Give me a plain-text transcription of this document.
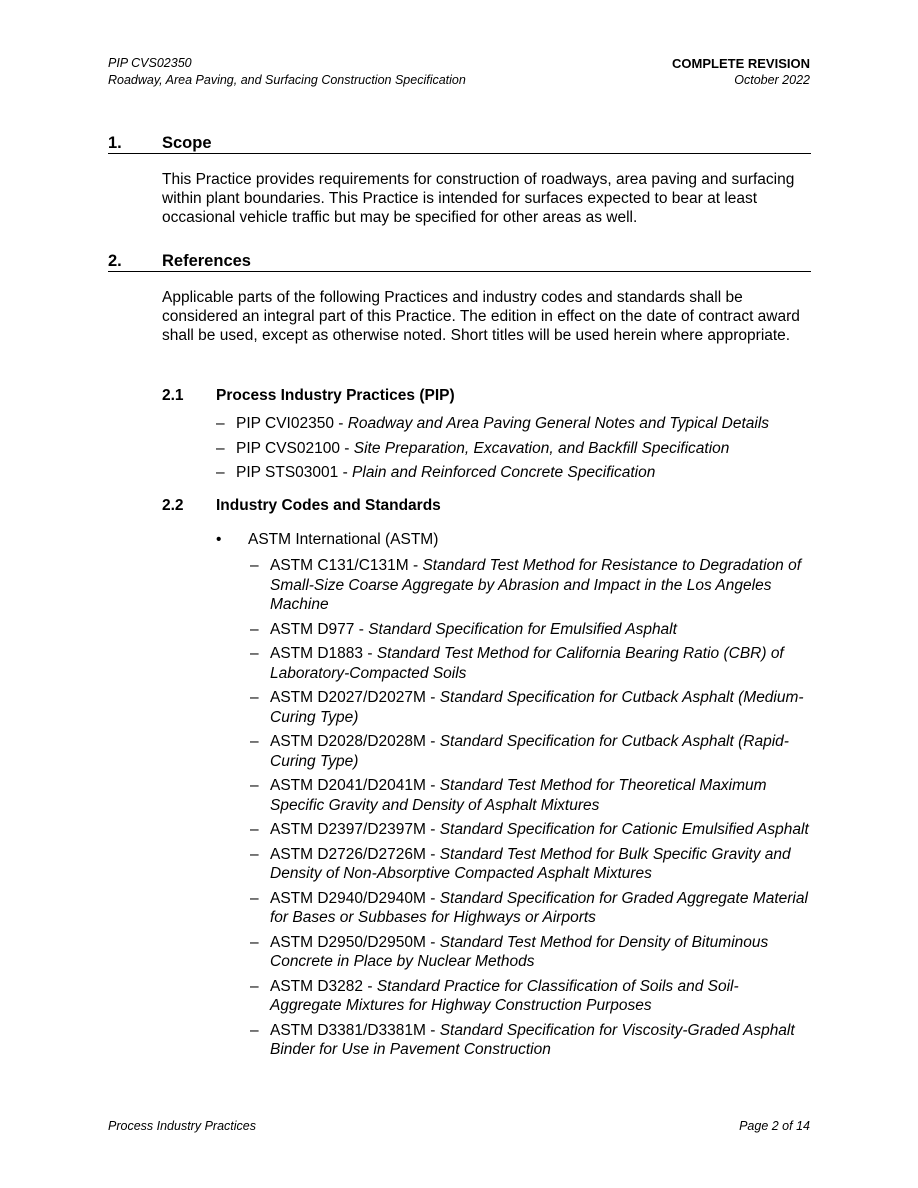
PIP CVS02350
Roadway, Area Paving, and Surfacing Construction Specification
COMPLETE REVISION
October 2022
1. Scope
This Practice provides requirements for construction of roadways, area paving and surfacing within plant boundaries. This Practice is intended for surfaces expected to bear at least occasional vehicle traffic but may be specified for other areas as well.
2. References
Applicable parts of the following Practices and industry codes and standards shall be considered an integral part of this Practice. The edition in effect on the date of contract award shall be used, except as otherwise noted. Short titles will be used herein where appropriate.
2.1 Process Industry Practices (PIP)
– PIP CVI02350 - Roadway and Area Paving General Notes and Typical Details
– PIP CVS02100 - Site Preparation, Excavation, and Backfill Specification
– PIP STS03001 - Plain and Reinforced Concrete Specification
2.2 Industry Codes and Standards
• ASTM International (ASTM)
– ASTM C131/C131M - Standard Test Method for Resistance to Degradation of Small-Size Coarse Aggregate by Abrasion and Impact in the Los Angeles Machine
– ASTM D977 - Standard Specification for Emulsified Asphalt
– ASTM D1883 - Standard Test Method for California Bearing Ratio (CBR) of Laboratory-Compacted Soils
– ASTM D2027/D2027M - Standard Specification for Cutback Asphalt (Medium-Curing Type)
– ASTM D2028/D2028M - Standard Specification for Cutback Asphalt (Rapid-Curing Type)
– ASTM D2041/D2041M - Standard Test Method for Theoretical Maximum Specific Gravity and Density of Asphalt Mixtures
– ASTM D2397/D2397M - Standard Specification for Cationic Emulsified Asphalt
– ASTM D2726/D2726M - Standard Test Method for Bulk Specific Gravity and Density of Non-Absorptive Compacted Asphalt Mixtures
– ASTM D2940/D2940M - Standard Specification for Graded Aggregate Material for Bases or Subbases for Highways or Airports
– ASTM D2950/D2950M - Standard Test Method for Density of Bituminous Concrete in Place by Nuclear Methods
– ASTM D3282 - Standard Practice for Classification of Soils and Soil-Aggregate Mixtures for Highway Construction Purposes
– ASTM D3381/D3381M - Standard Specification for Viscosity-Graded Asphalt Binder for Use in Pavement Construction
Process Industry Practices	Page 2 of 14
